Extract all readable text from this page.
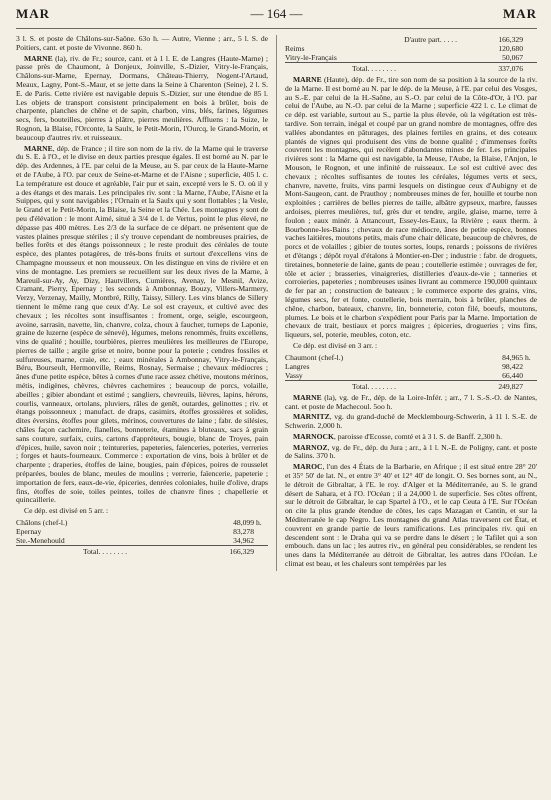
MAR	— 164 —	MAR

3 l. S. et poste de Châlons-sur-Saône. 63o h. — Autre, Vienne ; arr., 5 l. S. de Poitiers, cant. et poste de Vivonne. 860 h.

MARNE (la), riv. de Fr.; source, cant. et à 1 l. E. de Langres (Haute-Marne) ; passe près de Chaumont, à Donjeux, Joinville, S.-Dizier, Vitry-le-Français, Châlons-sur-Marne, Epernay, Dormans, Château-Thierry, Nogent-l'Artaud, Meaux, Lagny, Pont-S.-Maur, et se jette dans la Seine à Charenton (Seine), 2 l. S. E. de Paris. Cette rivière est navigable depuis S.-Dizier, sur une étendue de 85 l. Les objets de transport consistent principalement en bois à brûler, bois de charpente, planches de chêne et de sapin, charbon, vins, blés, farines, légumes secs, fers, bouteilles, pierres à plâtre, pierres meulières. Affluens : la Suize, le Rognon, la Blaise, l'Orconte, la Saulx, le Petit-Morin, l'Ourcq, le Grand-Morin, et beaucoup d'autres riv. et ruisseaux.

MARNE, dép. de France ; il tire son nom de la riv. de la Marne qui le traverse du S. E. à l'O., et le divise en deux parties presque égales. Il est borné au N. par le dép. des Ardennes, à l'E. par celui de la Meuse, au S. par ceux de la Haute-Marne et de l'Aube, à l'O. par ceux de Seine-et-Marne et de l'Aisne ; superficie, 405 l. c. La température est douce et agréable, l'air pur et sain, excepté vers le S. O. où il y a des étangs et des marais. Les principales riv. sont : la Marne, l'Aube, l'Aisne et la Suippes, qui y sont navigables ; l'Ornain et la Saulx qui y sont flottables ; la Vesle, le Grand et le Petit-Morin, la Blaise, la Seine et la Chée. Les montagnes y sont de peu d'élévation : le mont Aimé, situé à 3/4 de l. de Vertus, point le plus élevé, ne dépasse pas 400 mètres. Les 2/3 de la surface de ce départ. ne présentent que de vastes plaines presque stériles ; il s'y trouve cependant de nombreuses prairies, de belles forêts et des étangs poissonneux ; le reste produit des céréales de toute espèce, des plantes potagères, de très-bons fruits et surtout d'excellens vins de Champagne mousseux et non mousseux. On les distingue en vins de rivière et en vins de montagne. Les premiers se recueillent sur les deux rives de la Marne, à Mareuil-sur-Ay, Ay, Dizy, Hautvillers, Cumières, Avenay, le Mesnil, Avize, Cramant, Pierry, Epernay ; les seconds à Ambonnay, Bouzy, Villers-Marmery, Verzy, Verzenay, Mailly, Montbré, Rilly, Taissy, Sillery. Les vins blancs de Sillery tiennent le même rang que ceux d'Ay. Le sol est crayeux, et cultivé avec des chevaux ; les récoltes sont insuffisantes : froment, orge, seigle, escourgeon, avoine, sarrasin, navette, lin, chanvre, colza, choux à faucher, turneps de Laponie, graine de luzerne (espèce de sénevé), légumes, melons renommés, fruits excellens, vins de qualité ; houille, tourbières, pierres meulières les meilleures de l'Europe, pierres de taille ; argile grise et noire, bonne pour la poterie ; cendres fossiles et sulfureuses, marne, craie, etc. ; eaux minérales à Ambonnay, Vitry-le-Français, Béru, Bourseult, Hermonville, Reims, Rosnay, Sermaise ; chevaux médiocres ; ânes d'une petite espèce, bêtes à cornes d'une race assez chétive, moutons mérinos, métis, indigènes, chèvres, chèvres cachemires ; beaucoup de porcs, volaille, abeilles ; gibier abondant et estimé ; sangliers, chevreuils, lièvres, lapins, hérons, courlis, vanneaux, ortolans, pluviers, râles de genêt, outardes, gelinottes ; riv. et étangs poissonneux ; manufact. de draps, casimirs, étoffes grossières et solides, dites éversins, étoffes pour gilets, mérinos, couvertures de laine ; fabr. de silésies, châles façon cachemire, flanelles, bonneterie, étamines à bluteaux, sacs à grain sans couture, surfaix, cuirs, cartons d'appréteurs, bougie, blanc de Troyes, pain d'épices, huile, savon noir ; teintureries, papeteries, faïenceries, poteries, verreries ; forges et hauts-fourneaux. Commerce : exportation de vins, bois à brûler et de charpente ; draperies, étoffes de laine, bougies, pain d'épices, poires de rousselet préparées, boules de blanc, meules de moulins ; verrerie, faïencerie, papeterie ; importation de fers, eaux-de-vie, épiceries, denrées coloniales, huile d'olive, draps fins, étoffes de soie, toiles peintes, toiles de chanvre fines ; chapellerie et quincaillerie.

Ce dép. est divisé en 5 arr. :

Châlons (chef-l.)	48,099	h.
Epernay	83,278	
Ste.-Menehould	34,962	
Total. . . . . . . .	166,329	
D'autre part. . . . .	166,329	
Reims	120,680	
Vitry-le-Français	50,067	
Total. . . . . . . .	337,076	

MARNE (Haute), dép. de Fr., tire son nom de sa position à la source de la riv. de la Marne. Il est borné au N. par le dép. de la Meuse, à l'E. par celui des Vosges, au S.-E. par celui de la H.-Saône, au S.-O. par celui de la Côte-d'Or, à l'O. par celui de l'Aube, au N.-O. par celui de la Marne ; superficie 422 l. c. Le climat de ce dép. est variable, surtout au S., partie la plus élevée, où la végétation est très-tardive. Son terrain, inégal et coupé par un grand nombre de montagnes, offre des vallées abondantes en pâturages, des plaines fertiles en grains, et des coteaux plantés de vignes qui produisent des vins de bonne qualité ; d'immenses forêts couvrent les montagnes, qui recèlent d'abondantes mines de fer. Les principales rivières sont : la Marne qui est navigable, la Meuse, l'Aube, la Blaise, l'Anjon, le Mouson, le Rognon, et une infinité de ruisseaux. Le sol est cultivé avec des chevaux ; récoltes suffisantes de toutes les céréales, légumes verts et secs, chanvre, navette, fruits, vins parmi lesquels on distingue ceux d'Aubigny et de Mont-Saugeon, cant. de Prauthoy ; nombreuses mines de fer, houille et tourbe non exploitées ; carrières de belles pierres de taille, albâtre gypseux, marbre, fausses ardoises, pierres meulières, tuf, grès dur et tendre, argile, glaise, marne, terre à foulon ; eaux minér. à Attancourt, Essey-les-Eaux, la Rivière ; eaux therm. à Bourbonne-les-Bains ; chevaux de race médiocre, ânes de petite espèce, bonnes vaches laitières, moutons petits, mais d'une chair délicate, beaucoup de chèvres, de porcs et de volailles ; gibier de toutes sortes, loups, renards ; poissons de rivières et d'étangs ; dépôt royal d'étalons à Montier-en-Der ; industrie : fabr. de droguets, tiretaines, bonneterie de laine, gants de peau ; coutellerie estimée ; ouvrages de fer, tôle et acier ; brasseries, vinaigreries, distilleries d'eaux-de-vie ; tanneries et corroieries, papeteries ; nombreuses usines livrant au commerce 190,000 quintaux de fer par an ; construction de bateaux ; le commerce exporte des grains, vins, légumes secs, fer et fonte, coutellerie, bois merrain, bois à brûler, planches de chêne, charbon, bateaux, chanvre, lin, bonneterie, coton filé, boeufs, moutons, plumes. Le bois et le charbon s'expédient pour Paris par la Marne. Importation de chevaux de trait, bestiaux et porcs maigres ; épiceries, drogueries ; vins fins, liqueurs, sel, poterie, meubles, coton, etc.

Ce dép. est divisé en 3 arr. :

Chaumont (chef-l.)	84,965	h.
Langres	98,422	
Vassy	66,440	
Total. . . . . . . .	249,827	

MARNE (la), vg. de Fr., dép. de la Loire-Infér. ; arr., 7 l. S.-S.-O. de Nantes, cant. et poste de Machecoul. 5oo h.

MARNITZ, vg. du grand-duché de Mecklembourg-Schwerin, à 11 l. S.-E. de Schwerin. 2,000 h.

MARNOCK, paroisse d'Ecosse, comté et à 3 l. S. de Banff. 2,300 h.

MARNOZ, vg. de Fr., dép. du Jura ; arr., à 1 l. N.-E. de Poligny, cant. et poste de Salins. 370 h.

MAROC, l'un des 4 États de la Barbarie, en Afrique ; il est situé entre 28° 20' et 35° 50' de lat. N., et entre 3° 40' et 12° 40' de longit. O. Ses bornes sont, au N., le détroit de Gibraltar, à l'E. le roy. d'Alger et la Méditerranée, au S. le grand désert de Sahara, et à l'O. l'Océan ; il a 24,000 l. de superficie. Ses côtes offrent, sur le détroit de Gibraltar, le cap Spartel à l'O., et le cap Ceuta à l'E. Sur l'Océan on cite la plus grande étendue de côtes, les caps Mazagan et Cantin, et sur la Méditerranée le cap Negro. Les montagnes du grand Atlas traversent cet État, et couvrent en grande partie de leurs ramifications. Les principales riv. qui en descendent sont : le Draha qui va se perdre dans le désert ; le Tafilet qui a son embouch. dans un lac ; les autres riv., en général peu considérables, se rendent les unes dans la Méditerranée au détroit de Gibraltar, les autres dans l'Océan. Le climat est beau, et les chaleurs sont tempérées par les
